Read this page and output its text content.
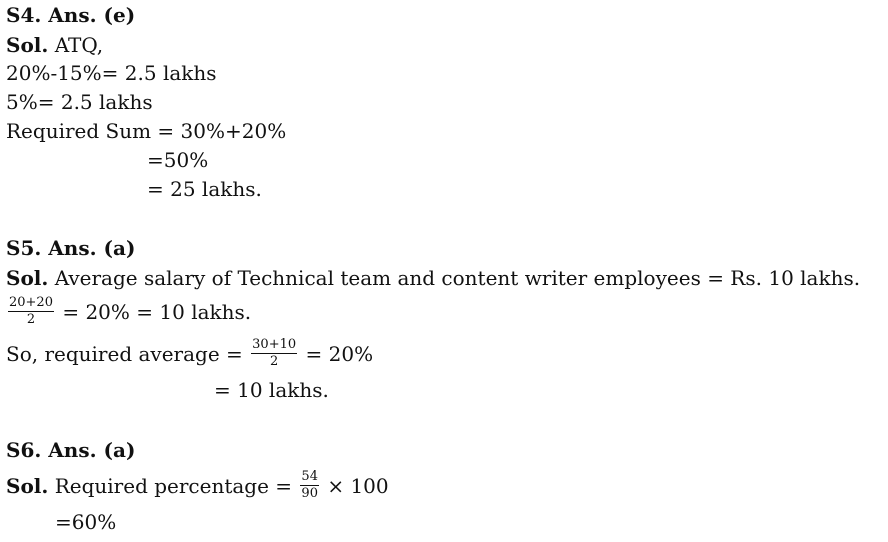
S4. Ans. (e)
Sol. ATQ,
20%-15%= 2.5 lakhs
5%= 2.5 lakhs
Required Sum = 30%+20%
=50%
= 25 lakhs.
S5. Ans. (a)
Sol. Average salary of Technical team and content writer employees = Rs. 10 lakhs.
$\frac{20+20}{2} = 20\% = 10$ lakhs.
So, required average = $\frac{30+10}{2} = 20\%$
= 10 lakhs.
S6. Ans. (a)
Sol. Required percentage = $\frac{54}{90} \times 100$
=60%
